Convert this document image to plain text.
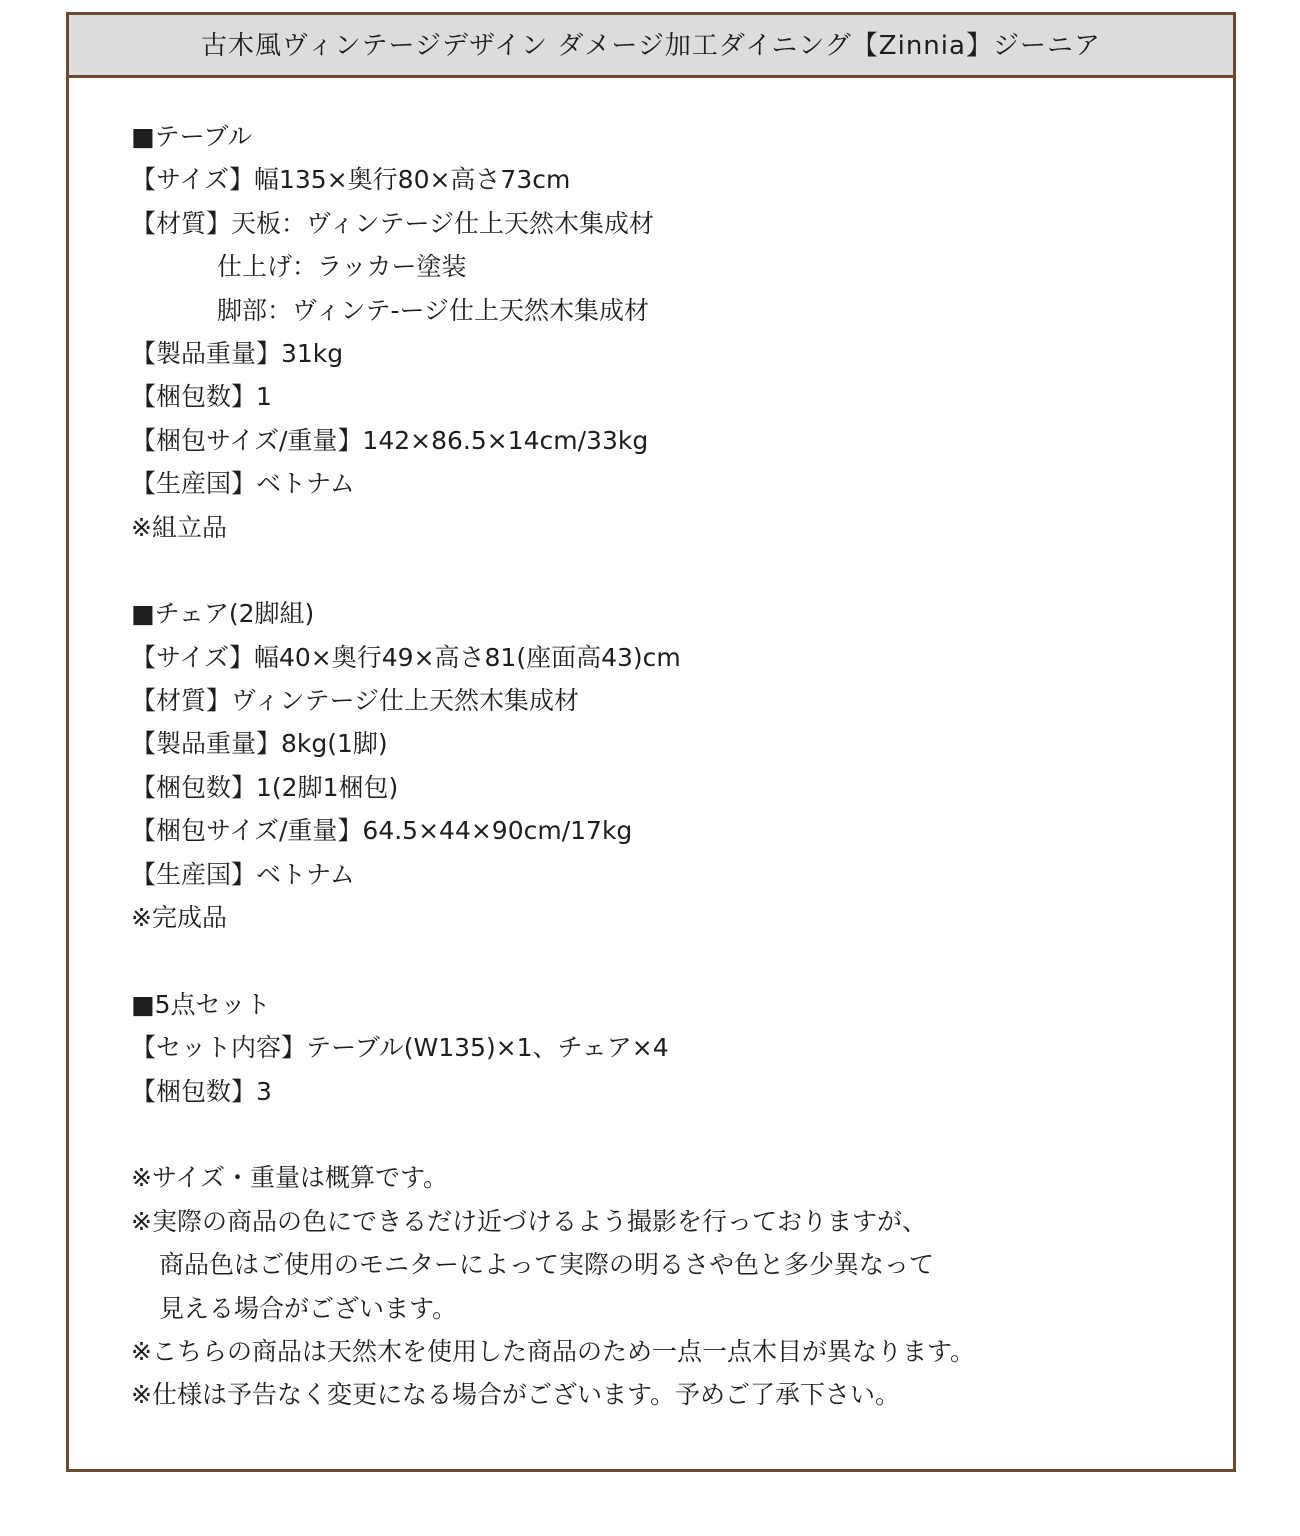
古木風ヴィンテージデザイン ダメージ加工ダイニング【Zinnia】ジーニア
■テーブル
【サイズ】幅135×奥行80×高さ73cm
【材質】天板：ヴィンテージ仕上天然木集成材
仕上げ：ラッカー塗装
脚部：ヴィンテ-ージ仕上天然木集成材
【製品重量】31kg
【梱包数】1
【梱包サイズ/重量】142×86.5×14cm/33kg
【生産国】ベトナム
※組立品
■チェア(2脚組)
【サイズ】幅40×奥行49×高さ81(座面高43)cm
【材質】ヴィンテージ仕上天然木集成材
【製品重量】8kg(1脚)
【梱包数】1(2脚1梱包)
【梱包サイズ/重量】64.5×44×90cm/17kg
【生産国】ベトナム
※完成品
■5点セット
【セット内容】テーブル(W135)×1、チェア×4
【梱包数】3
※サイズ・重量は概算です。
※実際の商品の色にできるだけ近づけるよう撮影を行っておりますが、
商品色はご使用のモニターによって実際の明るさや色と多少異なって
見える場合がございます。
※こちらの商品は天然木を使用した商品のため一点一点木目が異なります。
※仕様は予告なく変更になる場合がございます。予めご了承下さい。
